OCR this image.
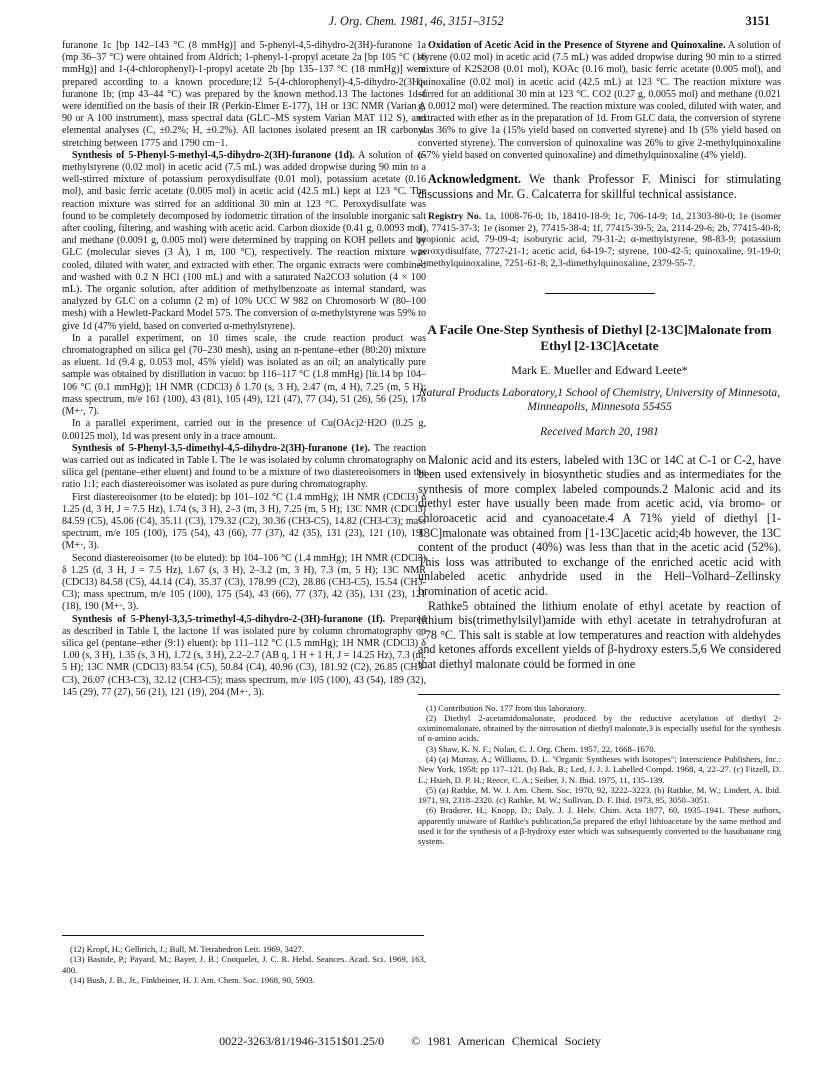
J. Org. Chem. 1981, 46, 3151–3152	3151

furanone 1c [bp 142–143 °C (8 mmHg)] and 5-phenyl-4,5-dihydro-2(3H)-furanone 1a (mp 36–37 °C) were obtained from Aldrich; 1-phenyl-1-propyl acetate 2a [bp 105 °C (16 mmHg)] and 1-(4-chlorophenyl)-1-propyl acetate 2b [bp 135–137 °C (18 mmHg)] were prepared according to a known procedure;12 5-(4-chlorophenyl)-4,5-dihydro-2(3H)-furanone 1b; (mp 43–44 °C) was prepared by the known method.13 The lactones 1d–f were identified on the basis of their IR (Perkin-Elmer E-177), 1H or 13C NMR (Varian A 90 or A 100 instrument), mass spectral data (GLC–MS system Varian MAT 112 S), and elemental analyses (C, ±0.2%; H, ±0.2%). All lactones isolated present an IR carbonyl stretching between 1775 and 1790 cm−1.

Synthesis of 5-Phenyl-5-methyl-4,5-dihydro-2(3H)-furanone (1d). A solution of α-methylstyrene (0.02 mol) in acetic acid (7.5 mL) was added dropwise during 90 min to a well-stirred mixture of potassium peroxydisulfate (0.01 mol), potassium acetate (0.16 mol), and basic ferric acetate (0.005 mol) in acetic acid (42.5 mL) kept at 123 °C. The reaction mixture was stirred for an additional 30 min at 123 °C. Peroxydisulfate was found to be completely decomposed by iodometric titration of the insoluble inorganic salt after cooling, filtering, and washing with acetic acid. Carbon dioxide (0.41 g, 0.0093 mol) and methane (0.0091 g, 0.005 mol) were determined by trapping on KOH pellets and by GLC (molecular sieves (3 Å), 1 m, 100 °C), respectively. The reaction mixture was cooled, diluted with water, and extracted with ether. The organic extracts were combined and washed with 0.2 N HCl (100 mL) and with a saturated Na2CO3 solution (4 × 100 mL). The organic solution, after addition of methylbenzoate as internal standard, was analyzed by GLC on a column (2 m) of 10% UCC W 982 on Chromosorb W (80–100 mesh) with a Hewlett-Packard Model 575. The conversion of α-methylstyrene was 59% to give 1d (47% yield, based on converted α-methylstyrene).

In a parallel experiment, on 10 times scale, the crude reaction product was chromatographed on silica gel (70–230 mesh), using an n-pentane–ether (80:20) mixture as eluent. 1d (9.4 g, 0.053 mol, 45% yield) was isolated as an oil; an analytically pure sample was obtained by distillation in vacuo: bp 116–117 °C (1.8 mmHg) [lit.14 bp 104–106 °C (0.1 mmHg)]; 1H NMR (CDCl3) δ 1.70 (s, 3 H), 2.47 (m, 4 H), 7.25 (m, 5 H); mass spectrum, m/e 161 (100), 43 (81), 105 (49), 121 (47), 77 (34), 51 (26), 56 (25), 176 (M+·, 7).

In a parallel experiment, carried out in the presence of Cu(OAc)2·H2O (0.25 g, 0.00125 mol), 1d was present only in a trace amount.

Synthesis of 5-Phenyl-3,5-dimethyl-4,5-dihydro-2(3H)-furanone (1e). The reaction was carried out as indicated in Table I. The 1e was isolated by column chromatography on silica gel (pentane–ether eluent) and found to be a mixture of two diastereoisomers in the ratio 1:1; each diastereoisomer was isolated as pure during chromatography.

First diastereoisomer (to be eluted): bp 101–102 °C (1.4 mmHg); 1H NMR (CDCl3) δ 1.25 (d, 3 H, J = 7.5 Hz), 1.74 (s, 3 H), 2–3 (m, 3 H), 7.25 (m, 5 H); 13C NMR (CDCl3) 84.59 (C5), 45.06 (C4), 35.11 (C3), 179.32 (C2), 30.36 (CH3-C5), 14.82 (CH3-C3); mass spectrum, m/e 105 (100), 175 (54), 43 (66), 77 (37), 42 (35), 131 (23), 121 (10), 190 (M+·, 3).

Second diastereoisomer (to be eluted): bp 104–106 °C (1.4 mmHg); 1H NMR (CDCl3) δ 1.25 (d, 3 H, J = 7.5 Hz), 1.67 (s, 3 H), 2–3.2 (m, 3 H), 7.3 (m, 5 H); 13C NMR (CDCl3) 84.58 (C5), 44.14 (C4), 35.37 (C3), 178.99 (C2), 28.86 (CH3-C5), 15.54 (CH3-C3); mass spectrum, m/e 105 (100), 175 (54), 43 (66), 77 (37), 42 (35), 131 (23), 121 (18), 190 (M+·, 3).

Synthesis of 5-Phenyl-3,3,5-trimethyl-4,5-dihydro-2-(3H)-furanone (1f). Prepared as described in Table I, the lactone 1f was isolated pure by column chromatography on silica gel (pentane–ether (9:1) eluent): bp 111–112 °C (1.5 mmHg); 1H NMR (CDCl3) δ 1.00 (s, 3 H), 1.35 (s, 3 H), 1.72 (s, 3 H), 2.2–2.7 (AB q, 1 H + 1 H, J = 14.25 Hz), 7.3 (m, 5 H); 13C NMR (CDCl3) 83.54 (C5), 50.84 (C4), 40.96 (C3), 181.92 (C2), 26.85 (CH3-C3), 26.07 (CH3-C3), 32.12 (CH3-C5); mass spectrum, m/e 105 (100), 43 (54), 189 (32), 145 (29), 77 (27), 56 (21), 121 (19), 204 (M+·, 3).

(12) Kropf, H.; Gelbrich, J.; Ball, M. Tetrahedron Lett. 1969, 3427.

(13) Bastide, P.; Payard, M.; Bayer, J. B.; Cooquelet, J. C. R. Hebd. Seances. Acad. Sci. 1969, 163, 400.

(14) Bush, J. B., Jr., Finkbeiner, H. J. Am. Chem. Soc. 1968, 90, 5903.

Oxidation of Acetic Acid in the Presence of Styrene and Quinoxaline. A solution of styrene (0.02 mol) in acetic acid (7.5 mL) was added dropwise during 90 min to a stirred mixture of K2S2O8 (0.01 mol), KOAc (0.16 mol), basic ferric acetate (0.005 mol), and quinoxaline (0.02 mol) in acetic acid (42.5 mL) at 123 °C. The reaction mixture was stirred for an additional 30 min at 123 °C. CO2 (0.27 g, 0.0055 mol) and methane (0.021 g, 0.0012 mol) were determined. The reaction mixture was cooled, diluted with water, and extracted with ether as in the preparation of 1d. From GLC data, the conversion of styrene was 36% to give 1a (15% yield based on converted styrene) and 1b (5% yield based on converted styrene). The conversion of quinoxaline was 26% to give 2-methylquinoxaline (57% yield based on converted quinoxaline) and dimethylquinoxaline (4% yield).

Acknowledgment. We thank Professor F. Minisci for stimulating discussions and Mr. G. Calcaterra for skillful technical assistance.

Registry No. 1a, 1008-76-0; 1b, 18410-18-9; 1c, 706-14-9; 1d, 21303-80-0; 1e (isomer 1), 77415-37-3; 1e (isomer 2), 77415-38-4; 1f, 77415-39-5; 2a, 2114-29-6; 2b, 77415-40-8; propionic acid, 79-09-4; isobutyric acid, 79-31-2; α-methylstyrene, 98-83-9; potassium peroxydisulfate, 7727-21-1; acetic acid, 64-19-7; styrene, 100-42-5; quinoxaline, 91-19-0; 2-methylquinoxaline, 7251-61-8; 2,3-dimethylquinoxaline, 2379-55-7.

A Facile One-Step Synthesis of Diethyl [2-13C]Malonate from Ethyl [2-13C]Acetate
Mark E. Mueller and Edward Leete*
Natural Products Laboratory,1 School of Chemistry, University of Minnesota, Minneapolis, Minnesota 55455
Received March 20, 1981

Malonic acid and its esters, labeled with 13C or 14C at C-1 or C-2, have been used extensively in biosynthetic studies and as intermediates for the synthesis of more complex labeled compounds.2 Malonic acid and its diethyl ester have usually been made from acetic acid, via bromo- or chloroacetic acid and cyanoacetate.4 A 71% yield of diethyl [1-13C]malonate was obtained from [1-13C]acetic acid;4b however, the 13C content of the product (40%) was less than that in the acetic acid (52%). This loss was attributed to exchange of the enriched acetic acid with unlabeled acetic anhydride used in the Hell–Volhard–Zellinsky bromination of acetic acid.

Rathke5 obtained the lithium enolate of ethyl acetate by reaction of lithium bis(trimethylsilyl)amide with ethyl acetate in tetrahydrofuran at −78 °C. This salt is stable at low temperatures and reaction with aldehydes and ketones affords excellent yields of β-hydroxy esters.5,6 We considered that diethyl malonate could be formed in one

(1) Contribution No. 177 from this laboratory.

(2) Diethyl 2-acetamidomalonate, produced by the reductive acetylation of diethyl 2-oximinomalonate, obtained by the nitrosation of diethyl malonate,3 is especially useful for the synthesis of α-amino acids.

(3) Shaw, K. N. F.; Nolan, C. J. Org. Chem. 1957, 22, 1668–1670.

(4) (a) Murray, A.; Williams, D. L. "Organic Syntheses with Isotopes"; Interscience Publishers, Inc.: New York, 1958; pp 117–121. (b) Bak, B.; Led, J. J. J. Labelled Compd. 1968, 4, 22–27. (c) Fitzell, D. L.; Hsieh, D. P. H.; Reece, C. A.; Seiber, J. N. Ibid. 1975, 11, 135–139.

(5) (a) Rathke, M. W. J. Am. Chem. Soc. 1970, 92, 3222–3223. (b) Rathke, M. W.; Lindert, A. Ibid. 1971, 93, 2318–2320. (c) Rathke, M. W.; Sullivan, D. F. Ibid. 1973, 95, 3050–3051.

(6) Braderer, H.; Knopp, D.; Daly, J. J. Helv. Chim. Acta 1977, 60, 1935–1941. These authors, apparently unaware of Rathke's publication,5a prepared the ethyl lithioacetate by the same method and used it for the synthesis of a β-hydroxy ester which was subsequently converted to the hasubanane ring system.

0022-3263/81/1946-3151$01.25/0 © 1981 American Chemical Society
